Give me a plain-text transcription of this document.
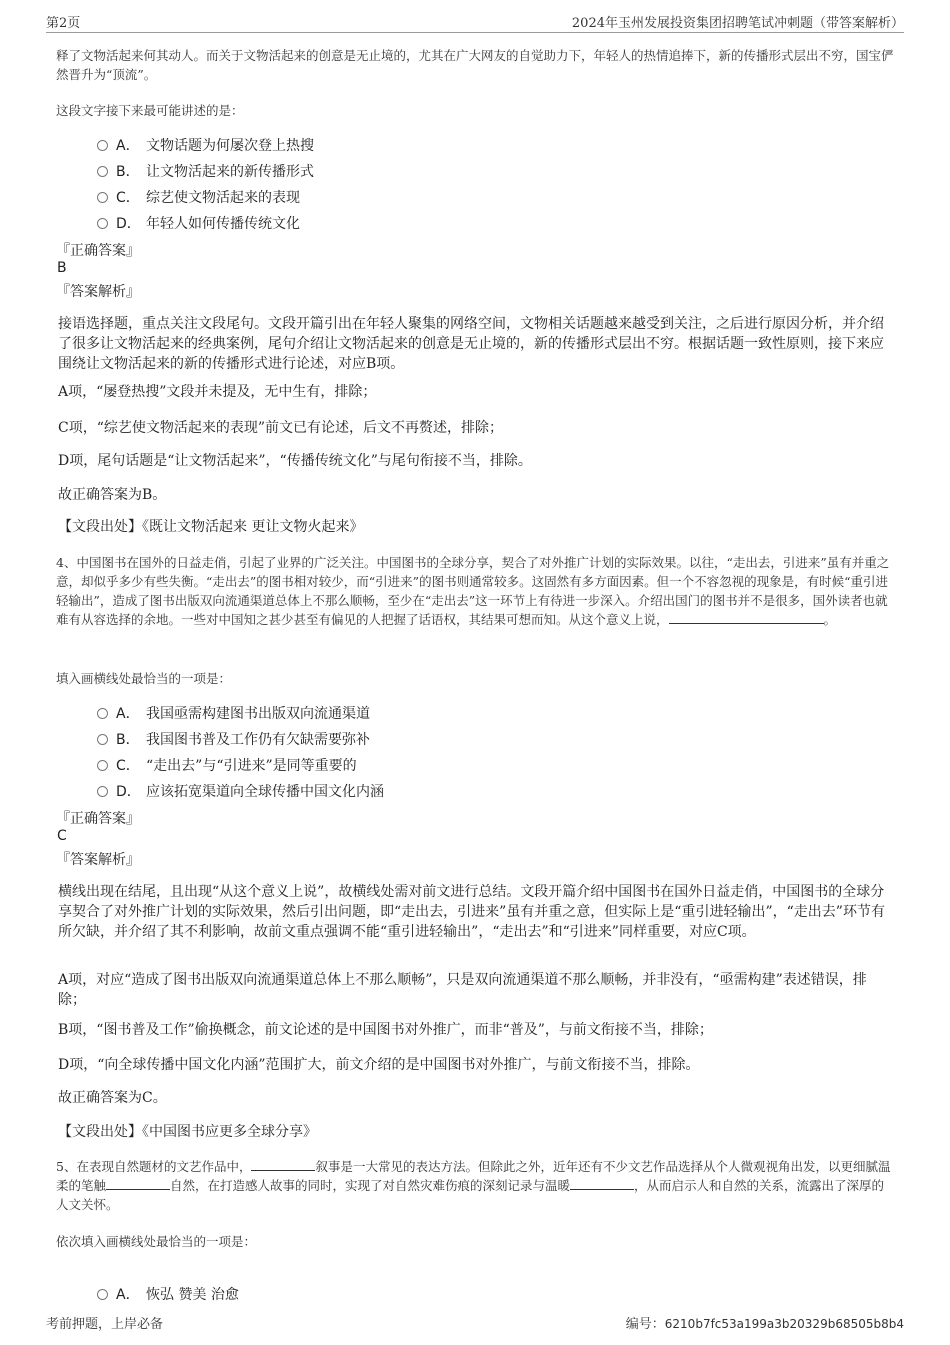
第2页	2024年玉州发展投资集团招聘笔试冲刺题（带答案解析）
释了文物活起来何其动人。而关于文物活起来的创意是无止境的，尤其在广大网友的自觉助力下，年轻人的热情追捧下，新的传播形式层出不穷，国宝俨然晋升为“顶流”。
这段文字接下来最可能讲述的是：
A． 文物话题为何屡次登上热搜
B． 让文物活起来的新传播形式
C． 综艺使文物活起来的表现
D． 年轻人如何传播传统文化
『正确答案』
B
『答案解析』
接语选择题，重点关注文段尾句。文段开篇引出在年轻人聚集的网络空间，文物相关话题越来越受到关注，之后进行原因分析，并介绍了很多让文物活起来的经典案例，尾句介绍让文物活起来的创意是无止境的，新的传播形式层出不穷。根据话题一致性原则，接下来应围绕让文物活起来的新的传播形式进行论述，对应B项。
A项，“屡登热搜”文段并未提及，无中生有，排除；
C项，“综艺使文物活起来的表现”前文已有论述，后文不再赘述，排除；
D项，尾句话题是“让文物活起来”，“传播传统文化”与尾句衔接不当，排除。
故正确答案为B。
【文段出处】《既让文物活起来 更让文物火起来》
4、中国图书在国外的日益走俏，引起了业界的广泛关注。中国图书的全球分享，契合了对外推广计划的实际效果。以往，“走出去，引进来”虽有并重之意，却似乎多少有些失衡。“走出去”的图书相对较少，而“引进来”的图书则通常较多。这固然有多方面因素。但一个不容忽视的现象是，有时候“重引进轻输出”，造成了图书出版双向流通渠道总体上不那么顺畅，至少在“走出去”这一环节上有待进一步深入。介绍出国门的图书并不是很多，国外读者也就难有从容选择的余地。一些对中国知之甚少甚至有偏见的人把握了话语权，其结果可想而知。从这个意义上说，	。
填入画横线处最恰当的一项是：
A． 我国亟需构建图书出版双向流通渠道
B． 我国图书普及工作仍有欠缺需要弥补
C． “走出去”与“引进来”是同等重要的
D． 应该拓宽渠道向全球传播中国文化内涵
『正确答案』
C
『答案解析』
横线出现在结尾，且出现“从这个意义上说”，故横线处需对前文进行总结。文段开篇介绍中国图书在国外日益走俏，中国图书的全球分享契合了对外推广计划的实际效果，然后引出问题，即“走出去，引进来”虽有并重之意，但实际上是“重引进轻输出”，“走出去”环节有所欠缺，并介绍了其不利影响，故前文重点强调不能“重引进轻输出”，“走出去”和“引进来”同样重要，对应C项。
A项，对应“造成了图书出版双向流通渠道总体上不那么顺畅”，只是双向流通渠道不那么顺畅，并非没有，“亟需构建”表述错误，排除；
B项，“图书普及工作”偷换概念，前文论述的是中国图书对外推广，而非“普及”，与前文衔接不当，排除；
D项，“向全球传播中国文化内涵”范围扩大，前文介绍的是中国图书对外推广，与前文衔接不当，排除。
故正确答案为C。
【文段出处】《中国图书应更多全球分享》
5、在表现自然题材的文艺作品中，	叙事是一大常见的表达方法。但除此之外，近年还有不少文艺作品选择从个人微观视角出发，以更细腻温柔的笔触	自然，在打造感人故事的同时，实现了对自然灾难伤痕的深刻记录与温暖	，从而启示人和自然的关系，流露出了深厚的人文关怀。
依次填入画横线处最恰当的一项是：
A． 恢弘 赞美 治愈
考前押题，上岸必备	编号：6210b7fc53a199a3b20329b68505b8b4
